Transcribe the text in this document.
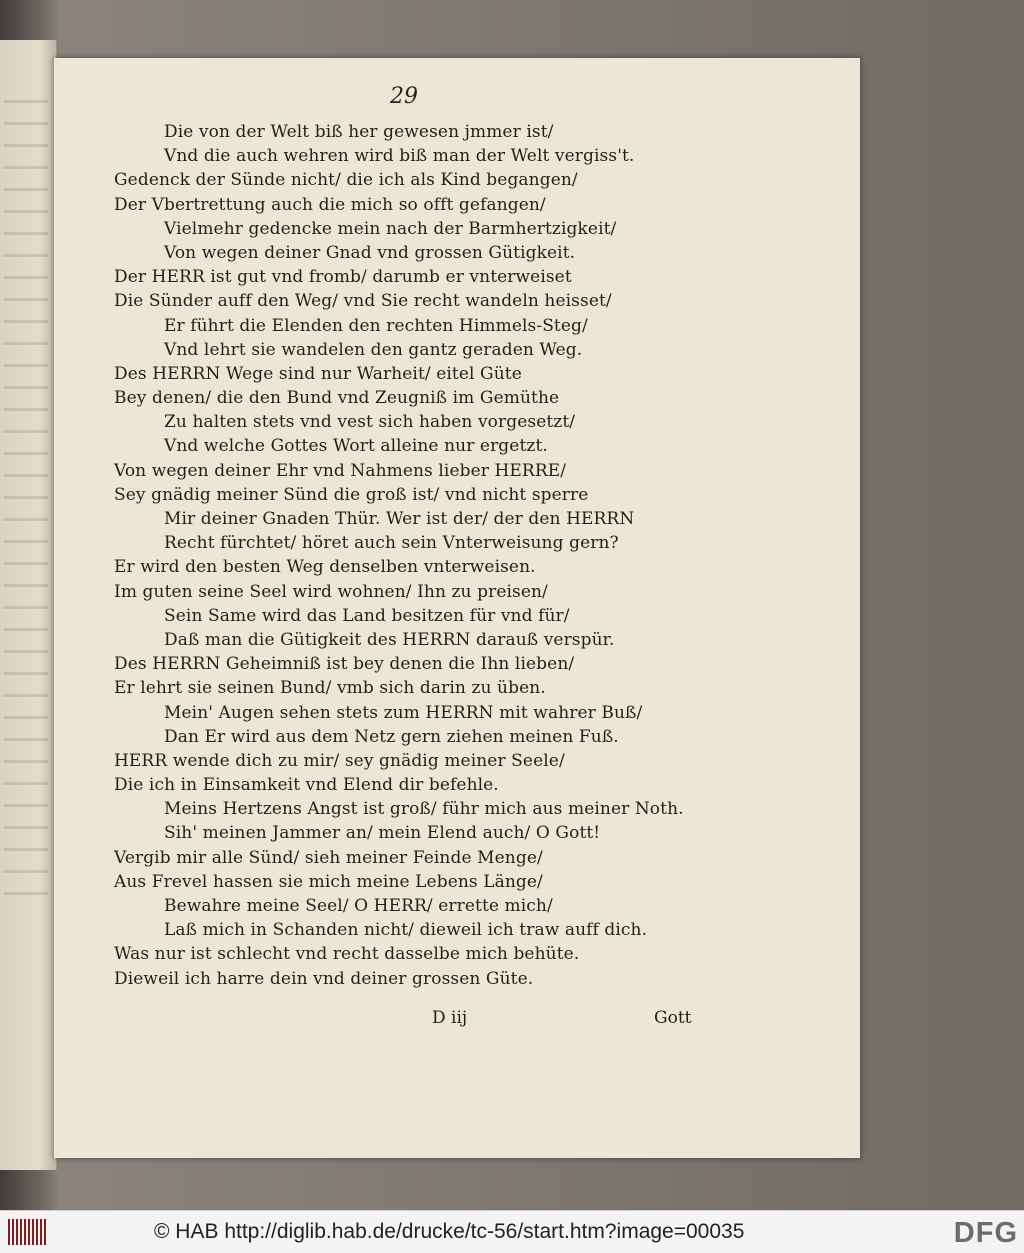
29
Die von der Welt biß her gewesen jmmer ist/
Vnd die auch wehren wird biß man der Welt vergiss't.
Gedenck der Sünde nicht/ die ich als Kind begangen/
Der Vbertrettung auch die mich so offt gefangen/
Vielmehr gedencke mein nach der Barmhertzigkeit/
Von wegen deiner Gnad vnd grossen Gütigkeit.
Der HERR ist gut vnd fromb/ darumb er vnterweiset
Die Sünder auff den Weg/ vnd Sie recht wandeln heisset/
Er führt die Elenden den rechten Himmels-Steg/
Vnd lehrt sie wandelen den gantz geraden Weg.
Des HERRN Wege sind nur Warheit/ eitel Güte
Bey denen/ die den Bund vnd Zeugniß im Gemüthe
Zu halten stets vnd vest sich haben vorgesetzt/
Vnd welche Gottes Wort alleine nur ergetzt.
Von wegen deiner Ehr vnd Nahmens lieber HERRE/
Sey gnädig meiner Sünd die groß ist/ vnd nicht sperre
Mir deiner Gnaden Thür. Wer ist der/ der den HERRN
Recht fürchtet/ höret auch sein Vnterweisung gern?
Er wird den besten Weg denselben vnterweisen.
Im guten seine Seel wird wohnen/ Ihn zu preisen/
Sein Same wird das Land besitzen für vnd für/
Daß man die Gütigkeit des HERRN darauß verspür.
Des HERRN Geheimniß ist bey denen die Ihn lieben/
Er lehrt sie seinen Bund/ vmb sich darin zu üben.
Mein' Augen sehen stets zum HERRN mit wahrer Buß/
Dan Er wird aus dem Netz gern ziehen meinen Fuß.
HERR wende dich zu mir/ sey gnädig meiner Seele/
Die ich in Einsamkeit vnd Elend dir befehle.
Meins Hertzens Angst ist groß/ führ mich aus meiner Noth.
Sih' meinen Jammer an/ mein Elend auch/ O Gott!
Vergib mir alle Sünd/ sieh meiner Feinde Menge/
Aus Frevel hassen sie mich meine Lebens Länge/
Bewahre meine Seel/ O HERR/ errette mich/
Laß mich in Schanden nicht/ dieweil ich traw auff dich.
Was nur ist schlecht vnd recht dasselbe mich behüte.
Dieweil ich harre dein vnd deiner grossen Güte.
D iij	Gott
© HAB http://diglib.hab.de/drucke/tc-56/start.htm?image=00035	DFG
